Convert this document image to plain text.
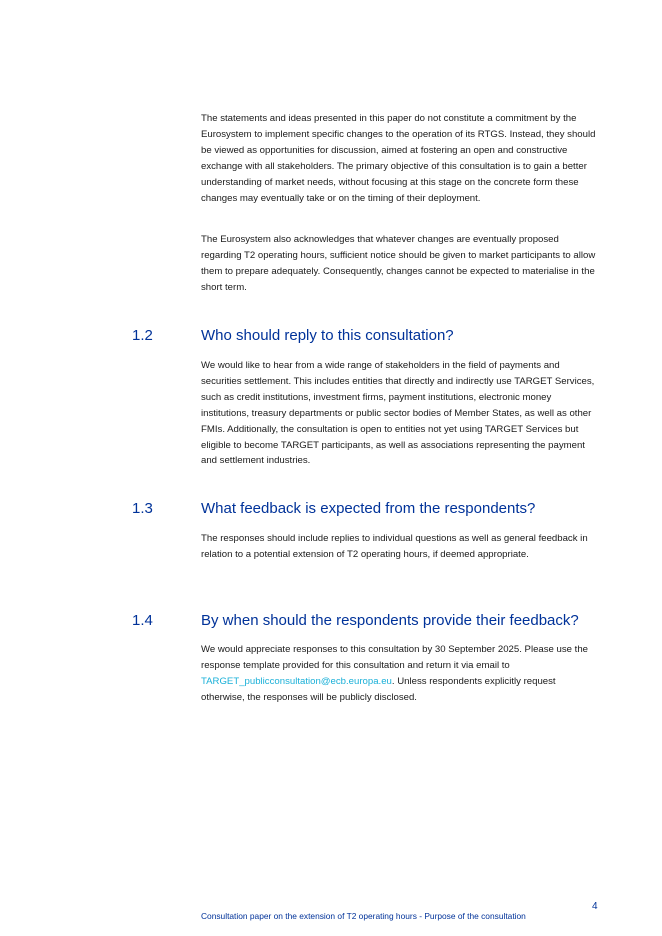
The statements and ideas presented in this paper do not constitute a commitment by the Eurosystem to implement specific changes to the operation of its RTGS. Instead, they should be viewed as opportunities for discussion, aimed at fostering an open and constructive exchange with all stakeholders. The primary objective of this consultation is to gain a better understanding of market needs, without focusing at this stage on the concrete form these changes may eventually take or on the timing of their deployment.

The Eurosystem also acknowledges that whatever changes are eventually proposed regarding T2 operating hours, sufficient notice should be given to market participants to allow them to prepare adequately. Consequently, changes cannot be expected to materialise in the short term.

1.2	Who should reply to this consultation?

We would like to hear from a wide range of stakeholders in the field of payments and securities settlement. This includes entities that directly and indirectly use TARGET Services, such as credit institutions, investment firms, payment institutions, electronic money institutions, treasury departments or public sector bodies of Member States, as well as other FMIs. Additionally, the consultation is open to entities not yet using TARGET Services but eligible to become TARGET participants, as well as associations representing the payment and settlement industries.

1.3	What feedback is expected from the respondents?

The responses should include replies to individual questions as well as general feedback in relation to a potential extension of T2 operating hours, if deemed appropriate.

1.4	By when should the respondents provide their feedback?

We would appreciate responses to this consultation by 30 September 2025. Please use the response template provided for this consultation and return it via email to TARGET_publicconsultation@ecb.europa.eu. Unless respondents explicitly request otherwise, the responses will be publicly disclosed.

4
Consultation paper on the extension of T2 operating hours - Purpose of the consultation
